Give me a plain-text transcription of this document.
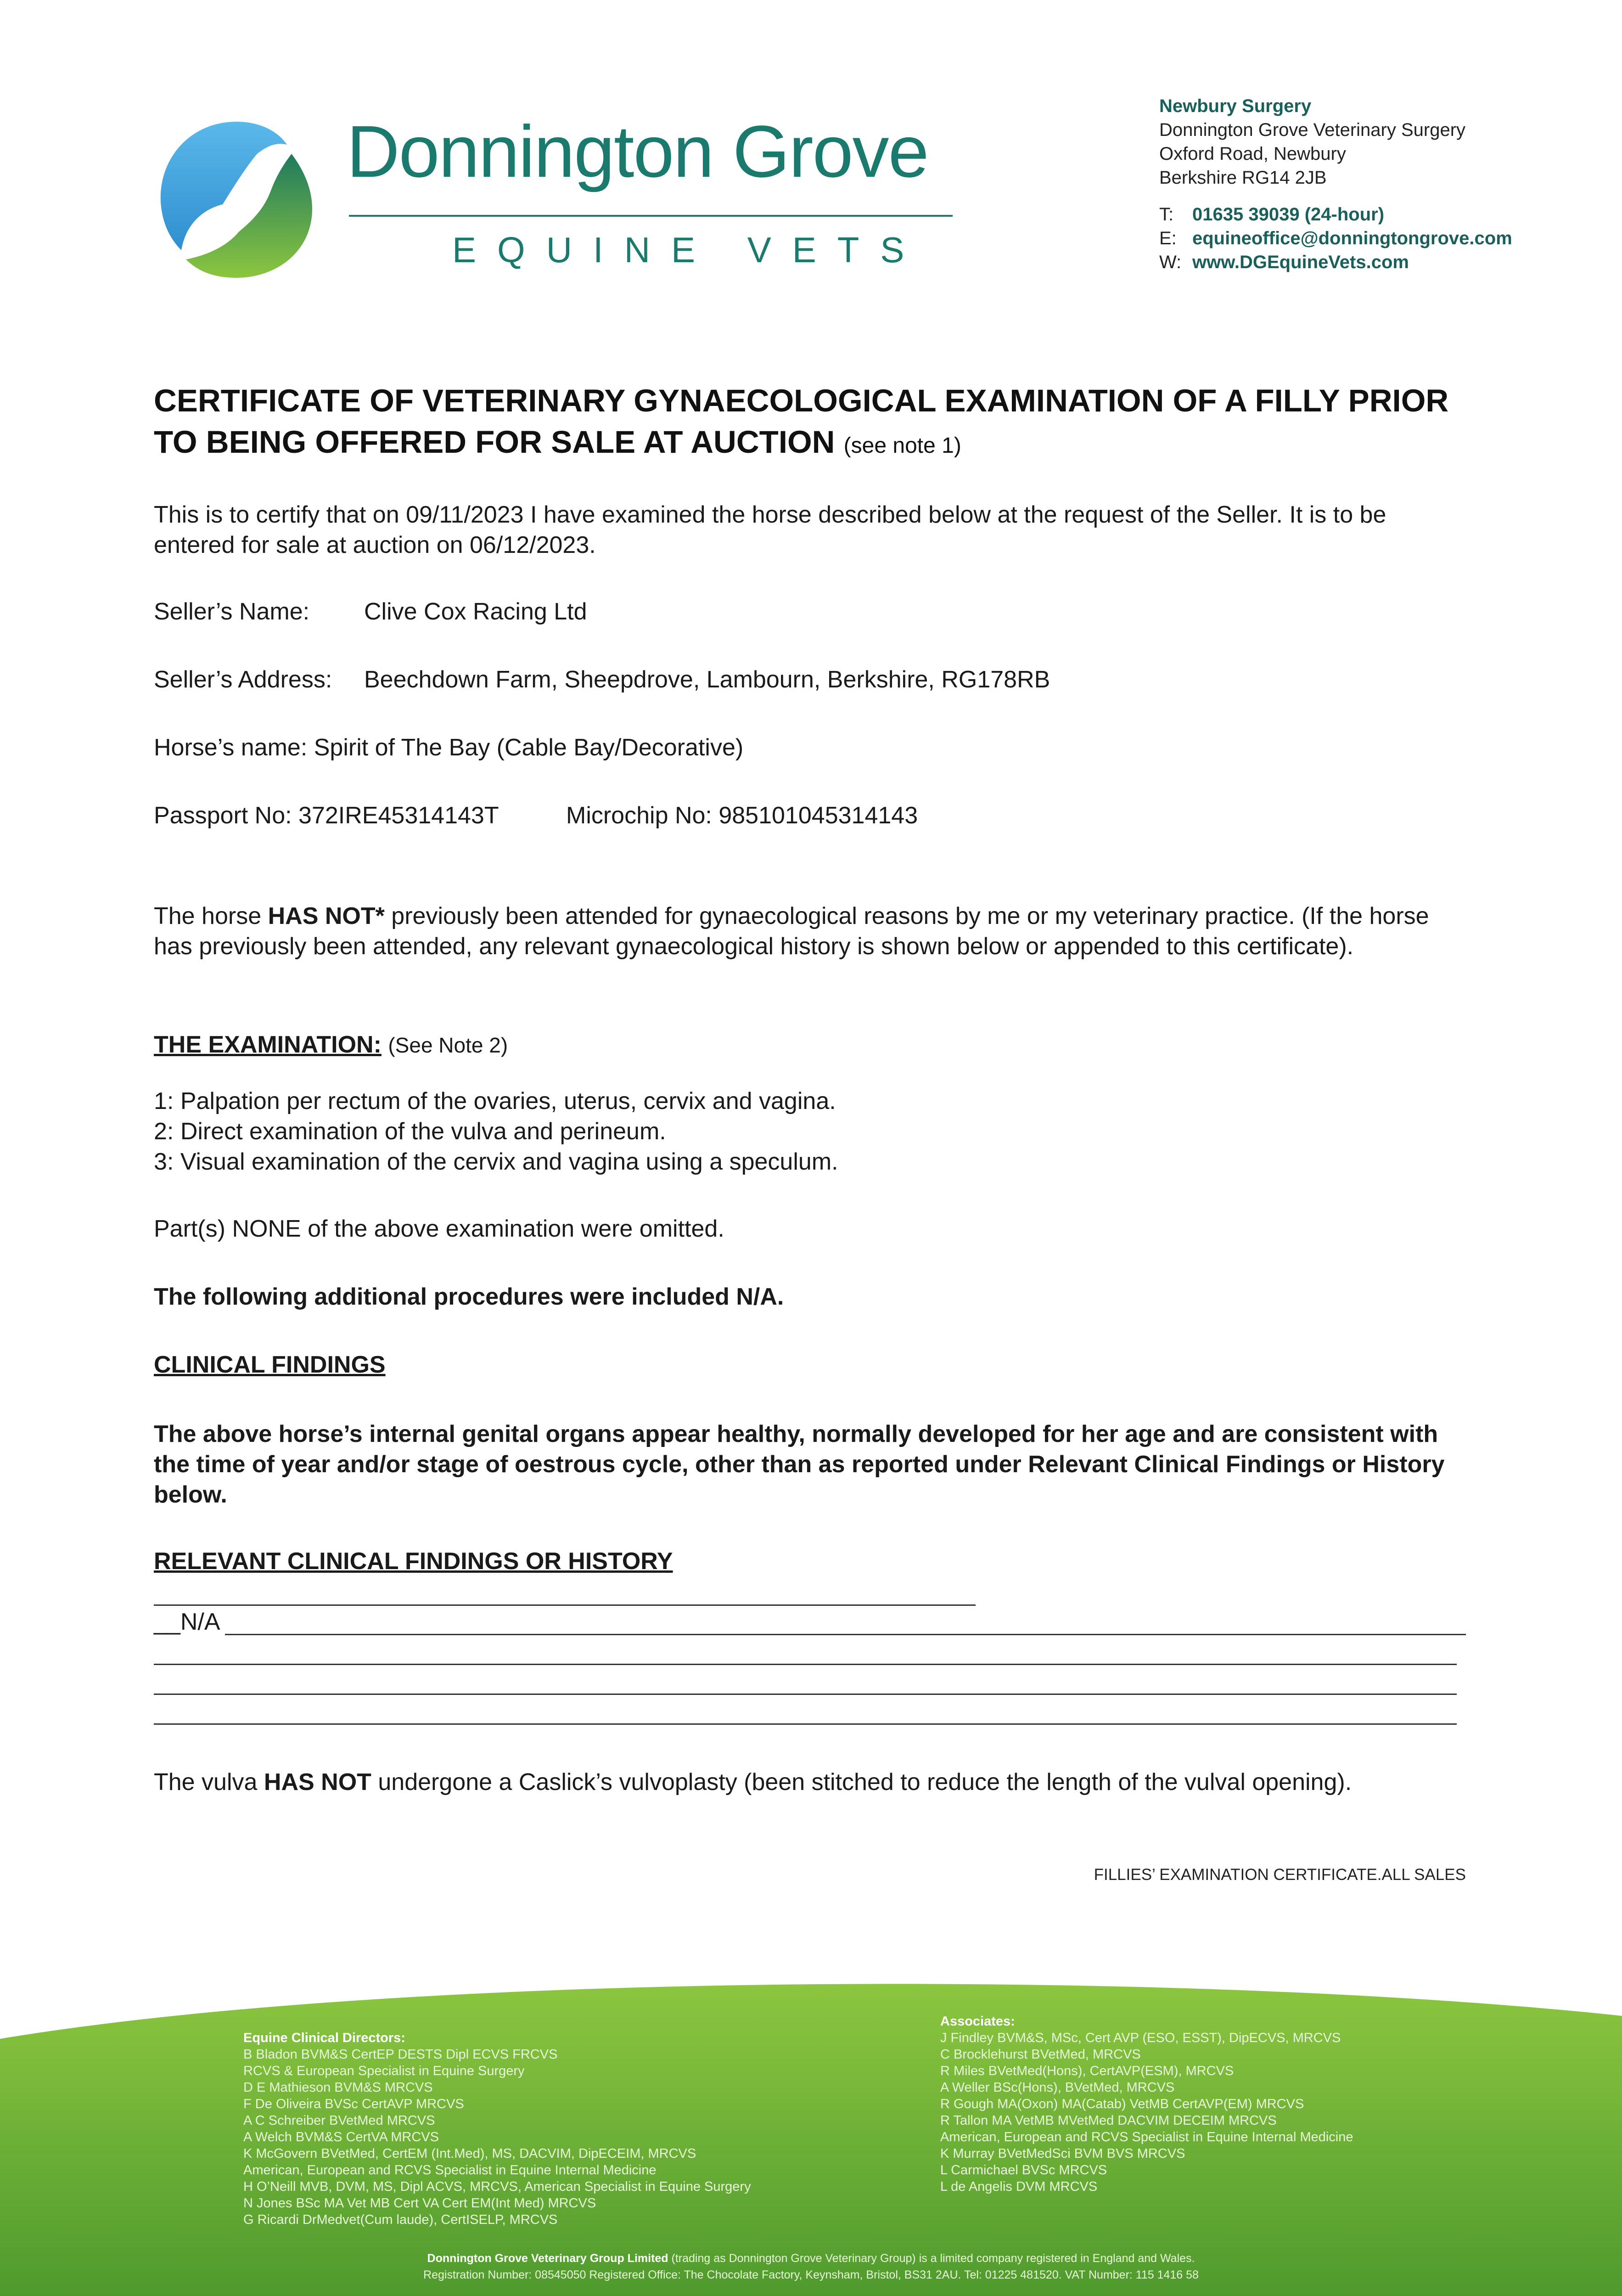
Donnington Grove
EQUINE VETS
Newbury Surgery
Donnington Grove Veterinary Surgery
Oxford Road, Newbury
Berkshire RG14 2JB
T: 01635 39039 (24-hour)
E: equineoffice@donningtongrove.com
W: www.DGEquineVets.com
CERTIFICATE OF VETERINARY GYNAECOLOGICAL EXAMINATION OF A FILLY PRIOR TO BEING OFFERED FOR SALE AT AUCTION (see note 1)
This is to certify that on 09/11/2023 I have examined the horse described below at the request of the Seller. It is to be entered for sale at auction on 06/12/2023.
Seller’s Name: Clive Cox Racing Ltd
Seller’s Address: Beechdown Farm, Sheepdrove, Lambourn, Berkshire, RG178RB
Horse’s name: Spirit of The Bay (Cable Bay/Decorative)
Passport No: 372IRE45314143T	Microchip No: 985101045314143
The horse HAS NOT* previously been attended for gynaecological reasons by me or my veterinary practice. (If the horse has previously been attended, any relevant gynaecological history is shown below or appended to this certificate).
THE EXAMINATION: (See Note 2)
1: Palpation per rectum of the ovaries, uterus, cervix and vagina.
2: Direct examination of the vulva and perineum.
3: Visual examination of the cervix and vagina using a speculum.
Part(s) NONE of the above examination were omitted.
The following additional procedures were included N/A.
CLINICAL FINDINGS
The above horse’s internal genital organs appear healthy, normally developed for her age and are consistent with the time of year and/or stage of oestrous cycle, other than as reported under Relevant Clinical Findings or History below.
RELEVANT CLINICAL FINDINGS OR HISTORY
__N/A
The vulva HAS NOT undergone a Caslick’s vulvoplasty (been stitched to reduce the length of the vulval opening).
FILLIES’ EXAMINATION CERTIFICATE.ALL SALES
Equine Clinical Directors:
B Bladon BVM&S CertEP DESTS Dipl ECVS FRCVS
RCVS & European Specialist in Equine Surgery
D E Mathieson BVM&S MRCVS
F De Oliveira BVSc CertAVP MRCVS
A C Schreiber BVetMed MRCVS
A Welch BVM&S CertVA MRCVS
K McGovern BVetMed, CertEM (Int.Med), MS, DACVIM, DipECEIM, MRCVS
American, European and RCVS Specialist in Equine Internal Medicine
H O’Neill MVB, DVM, MS, Dipl ACVS, MRCVS, American Specialist in Equine Surgery
N Jones BSc MA Vet MB Cert VA Cert EM(Int Med) MRCVS
G Ricardi DrMedvet(Cum laude), CertISELP, MRCVS
Associates:
J Findley BVM&S, MSc, Cert AVP (ESO, ESST), DipECVS, MRCVS
C Brocklehurst BVetMed, MRCVS
R Miles BVetMed(Hons), CertAVP(ESM), MRCVS
A Weller BSc(Hons), BVetMed, MRCVS
R Gough MA(Oxon) MA(Catab) VetMB CertAVP(EM) MRCVS
R Tallon MA VetMB MVetMed DACVIM DECEIM MRCVS
American, European and RCVS Specialist in Equine Internal Medicine
K Murray BVetMedSci BVM BVS MRCVS
L Carmichael BVSc MRCVS
L de Angelis DVM MRCVS
Donnington Grove Veterinary Group Limited (trading as Donnington Grove Veterinary Group) is a limited company registered in England and Wales.
Registration Number: 08545050 Registered Office: The Chocolate Factory, Keynsham, Bristol, BS31 2AU. Tel: 01225 481520. VAT Number: 115 1416 58
